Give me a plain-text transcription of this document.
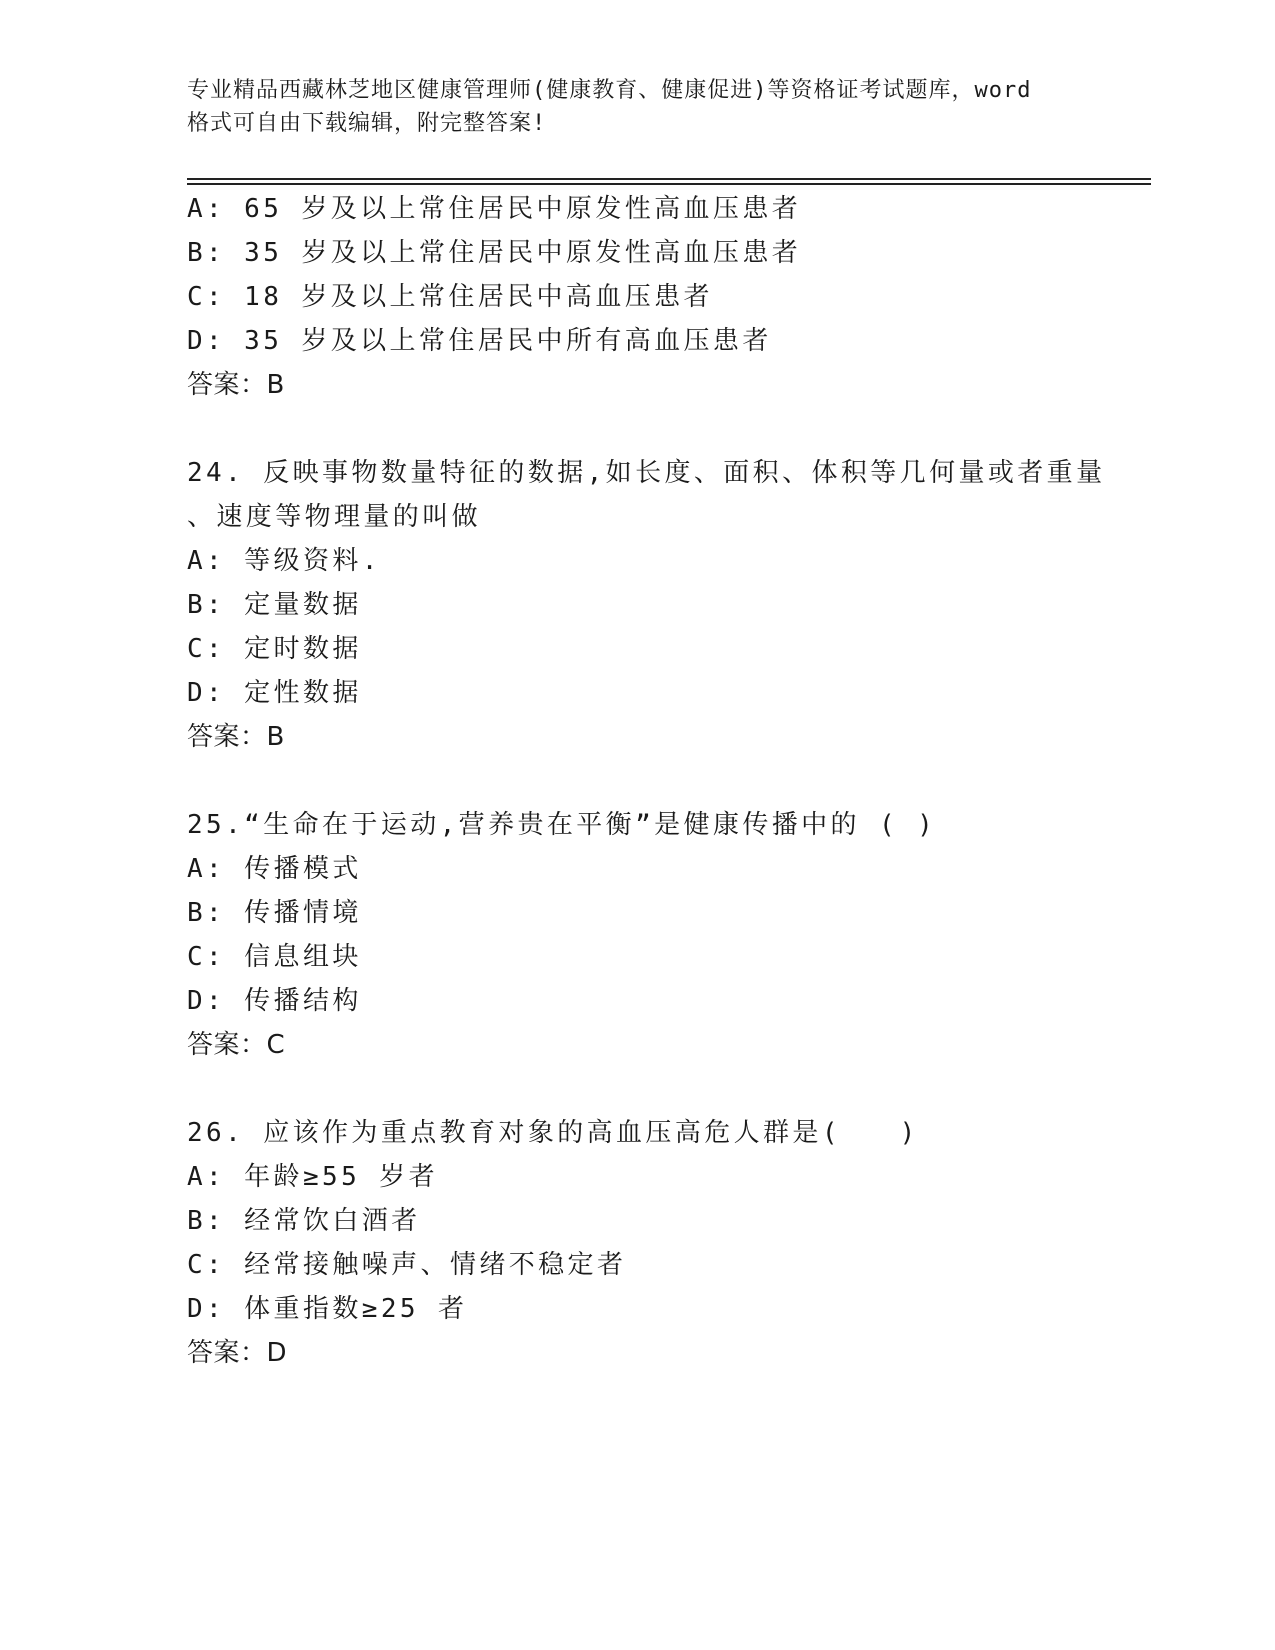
专业精品西藏林芝地区健康管理师(健康教育、健康促进)等资格证考试题库，word
格式可自由下载编辑，附完整答案!
A: 65 岁及以上常住居民中原发性高血压患者
B: 35 岁及以上常住居民中原发性高血压患者
C: 18 岁及以上常住居民中高血压患者
D: 35 岁及以上常住居民中所有高血压患者
答案：B
24. 反映事物数量特征的数据,如长度、面积、体积等几何量或者重量
、速度等物理量的叫做
A: 等级资料.
B: 定量数据
C: 定时数据
D: 定性数据
答案：B
25.“生命在于运动,营养贵在平衡”是健康传播中的 ( )
A: 传播模式
B: 传播情境
C: 信息组块
D: 传播结构
答案：C
26. 应该作为重点教育对象的高血压高危人群是(　　)
A: 年龄≥55 岁者
B: 经常饮白酒者
C: 经常接触噪声、情绪不稳定者
D: 体重指数≥25 者
答案：D
